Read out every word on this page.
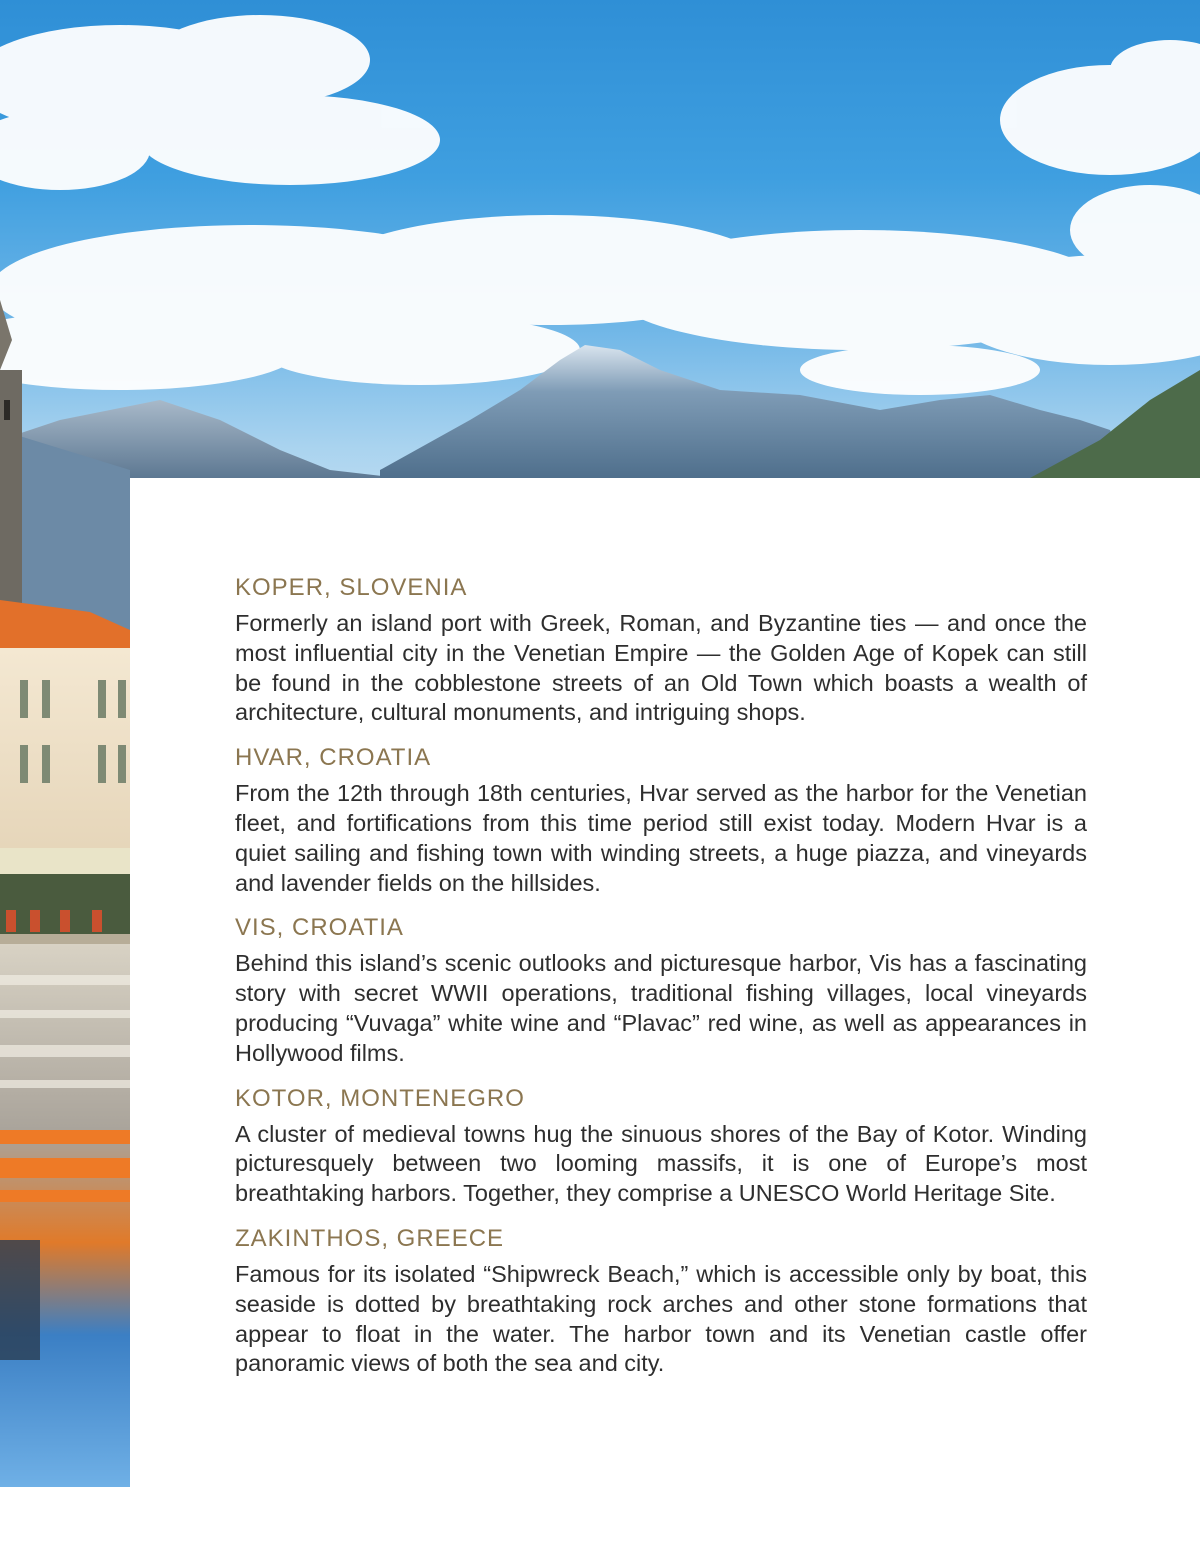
KOPER, SLOVENIA

Formerly an island port with Greek, Roman, and Byzantine ties — and once the most influential city in the Venetian Empire — the Golden Age of Kopek can still be found in the cobblestone streets of an Old Town which boasts a wealth of architecture, cultural monuments, and intriguing shops.

HVAR, CROATIA

From the 12th through 18th centuries, Hvar served as the harbor for the Venetian fleet, and fortifications from this time period still exist today. Modern Hvar is a quiet sailing and fishing town with winding streets, a huge piazza, and vineyards and lavender fields on the hillsides.

VIS, CROATIA

Behind this island’s scenic outlooks and picturesque harbor, Vis has a fascinating story with secret WWII operations, traditional fishing villages, local vineyards producing “Vuvaga” white wine and “Plavac” red wine, as well as appearances in Hollywood films.

KOTOR, MONTENEGRO

A cluster of medieval towns hug the sinuous shores of the Bay of Kotor. Winding picturesquely between two looming massifs, it is one of Europe’s most breathtaking harbors. Together, they comprise a UNESCO World Heritage Site.

ZAKINTHOS, GREECE

Famous for its isolated “Shipwreck Beach,” which is accessible only by boat, this seaside is dotted by breathtaking rock arches and other stone formations that appear to float in the water. The harbor town and its Venetian castle offer panoramic views of both the sea and city.
